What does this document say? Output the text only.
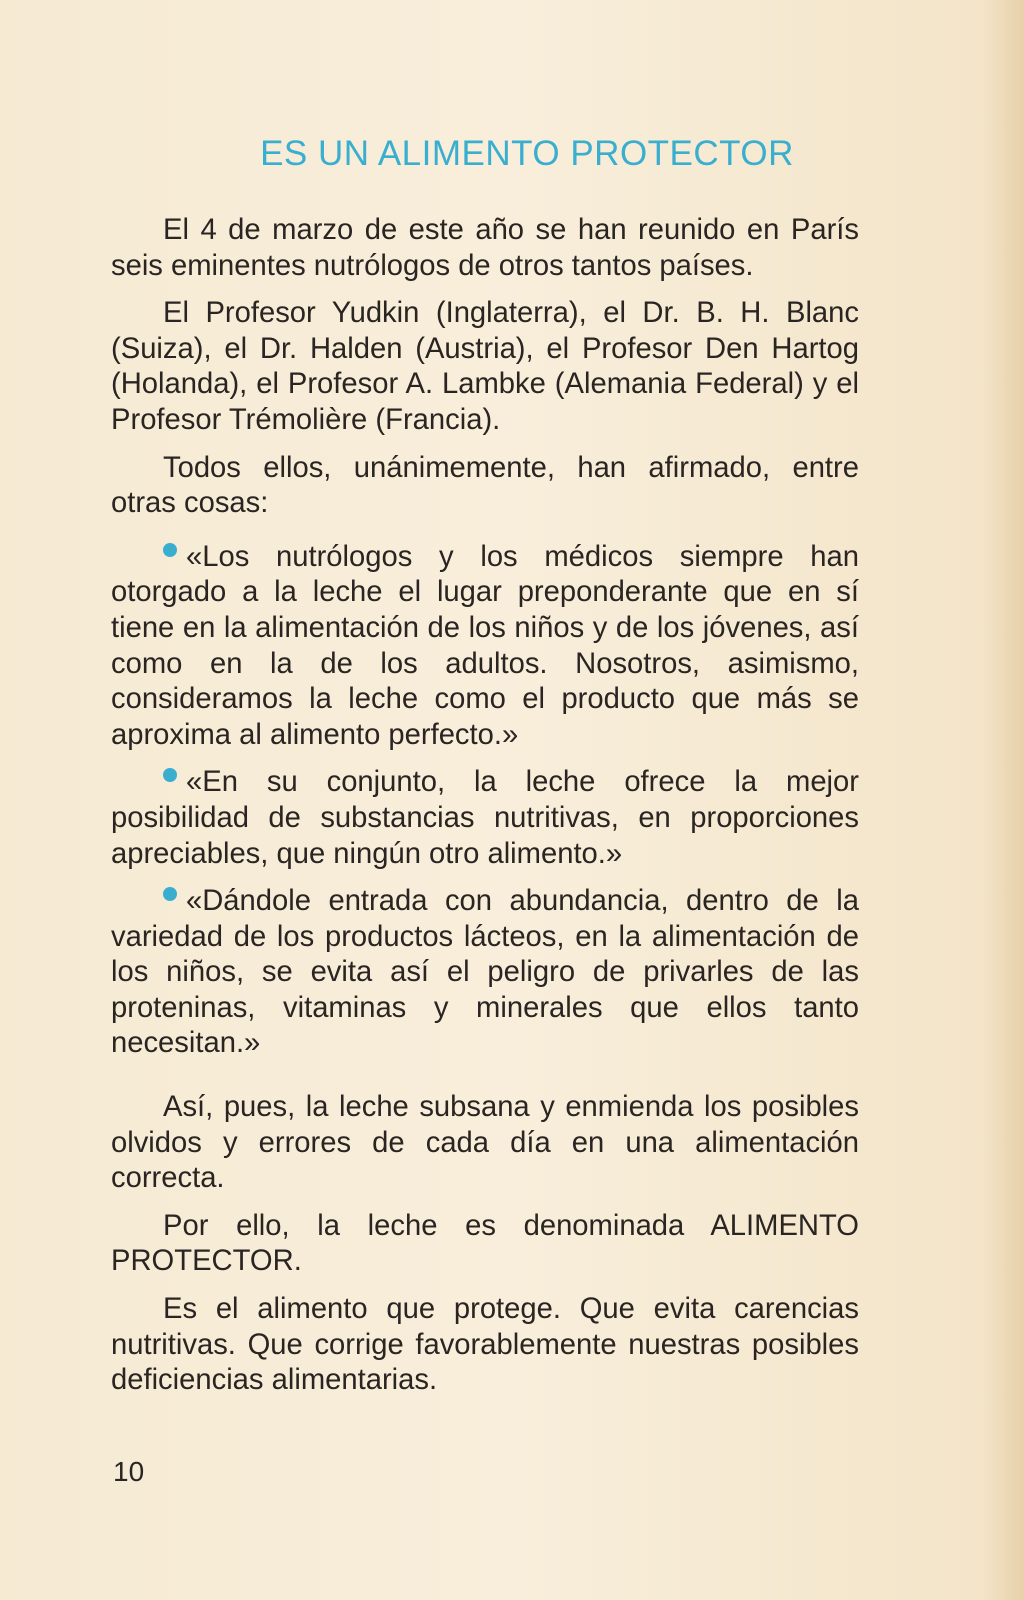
ES UN ALIMENTO PROTECTOR

El 4 de marzo de este año se han reunido en París seis eminentes nutrólogos de otros tantos países.

El Profesor Yudkin (Inglaterra), el Dr. B. H. Blanc (Suiza), el Dr. Halden (Austria), el Profesor Den Hartog (Holanda), el Profesor A. Lambke (Alemania Federal) y el Profesor Trémolière (Francia).

Todos ellos, unánimemente, han afirmado, entre otras cosas:

«Los nutrólogos y los médicos siempre han otorgado a la leche el lugar preponderante que en sí tiene en la alimentación de los niños y de los jóvenes, así como en la de los adultos. Nosotros, asimismo, consideramos la leche como el producto que más se aproxima al alimento perfecto.»

«En su conjunto, la leche ofrece la mejor posibilidad de substancias nutritivas, en proporciones apreciables, que ningún otro alimento.»

«Dándole entrada con abundancia, dentro de la variedad de los productos lácteos, en la alimentación de los niños, se evita así el peligro de privarles de las proteninas, vitaminas y minerales que ellos tanto necesitan.»

Así, pues, la leche subsana y enmienda los posibles olvidos y errores de cada día en una alimentación correcta.

Por ello, la leche es denominada ALIMENTO PROTECTOR.

Es el alimento que protege. Que evita carencias nutritivas. Que corrige favorablemente nuestras posibles deficiencias alimentarias.

10
